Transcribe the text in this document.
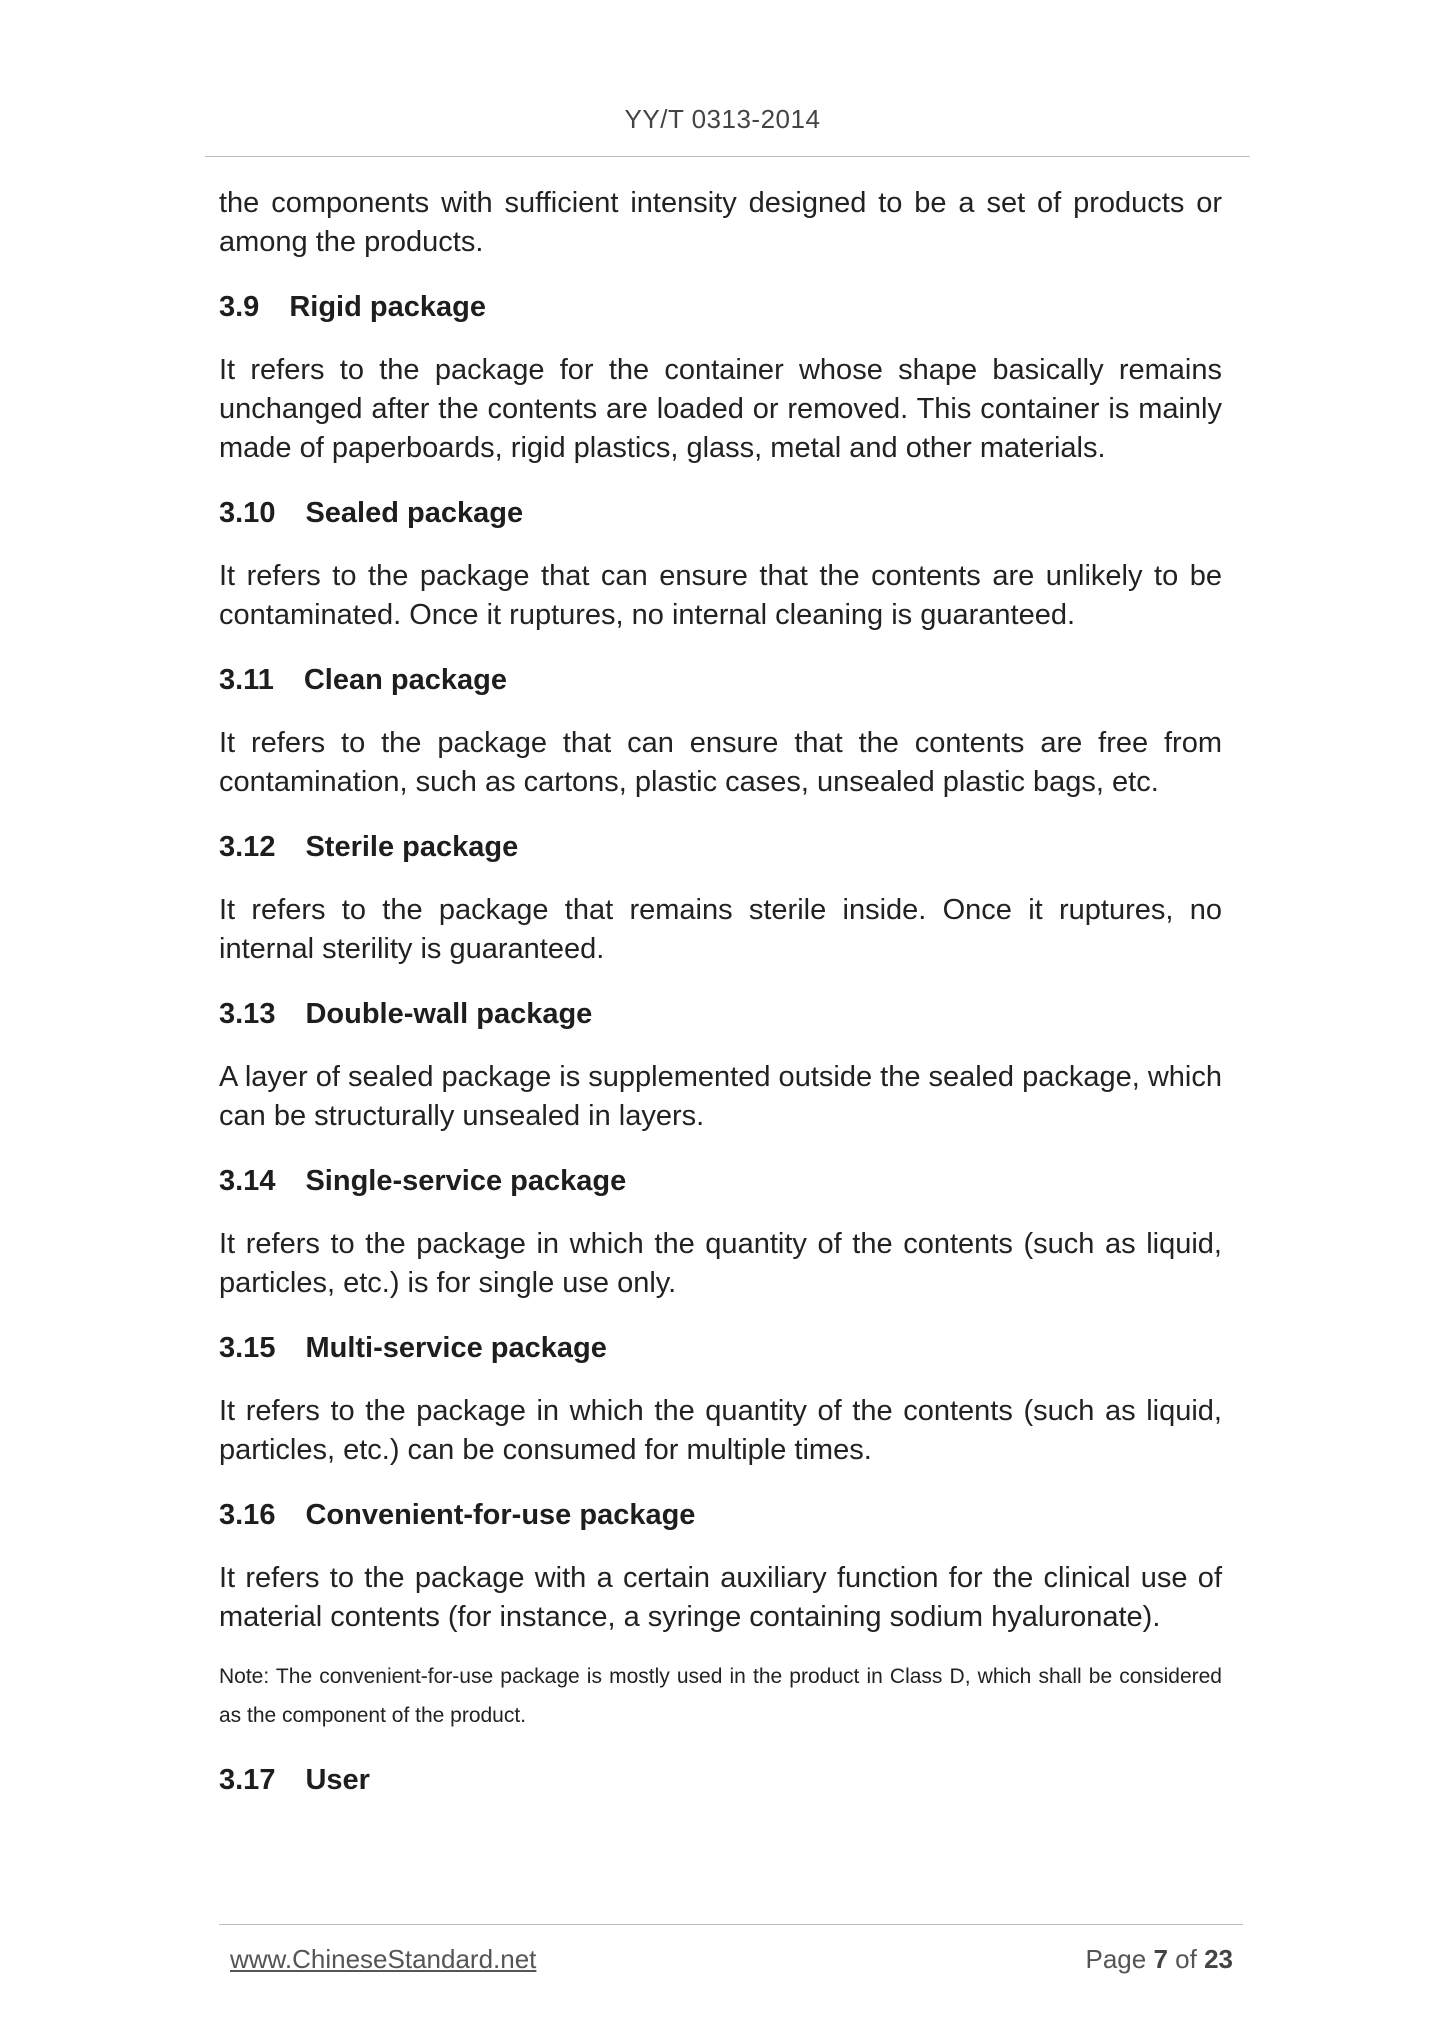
YY/T 0313-2014

the components with sufficient intensity designed to be a set of products or among the products.

3.9 Rigid package

It refers to the package for the container whose shape basically remains unchanged after the contents are loaded or removed. This container is mainly made of paperboards, rigid plastics, glass, metal and other materials.

3.10 Sealed package

It refers to the package that can ensure that the contents are unlikely to be contaminated. Once it ruptures, no internal cleaning is guaranteed.

3.11 Clean package

It refers to the package that can ensure that the contents are free from contamination, such as cartons, plastic cases, unsealed plastic bags, etc.

3.12 Sterile package

It refers to the package that remains sterile inside. Once it ruptures, no internal sterility is guaranteed.

3.13 Double-wall package

A layer of sealed package is supplemented outside the sealed package, which can be structurally unsealed in layers.

3.14 Single-service package

It refers to the package in which the quantity of the contents (such as liquid, particles, etc.) is for single use only.

3.15 Multi-service package

It refers to the package in which the quantity of the contents (such as liquid, particles, etc.) can be consumed for multiple times.

3.16 Convenient-for-use package

It refers to the package with a certain auxiliary function for the clinical use of material contents (for instance, a syringe containing sodium hyaluronate).

Note: The convenient-for-use package is mostly used in the product in Class D, which shall be considered as the component of the product.

3.17 User
www.ChineseStandard.net	Page 7 of 23
